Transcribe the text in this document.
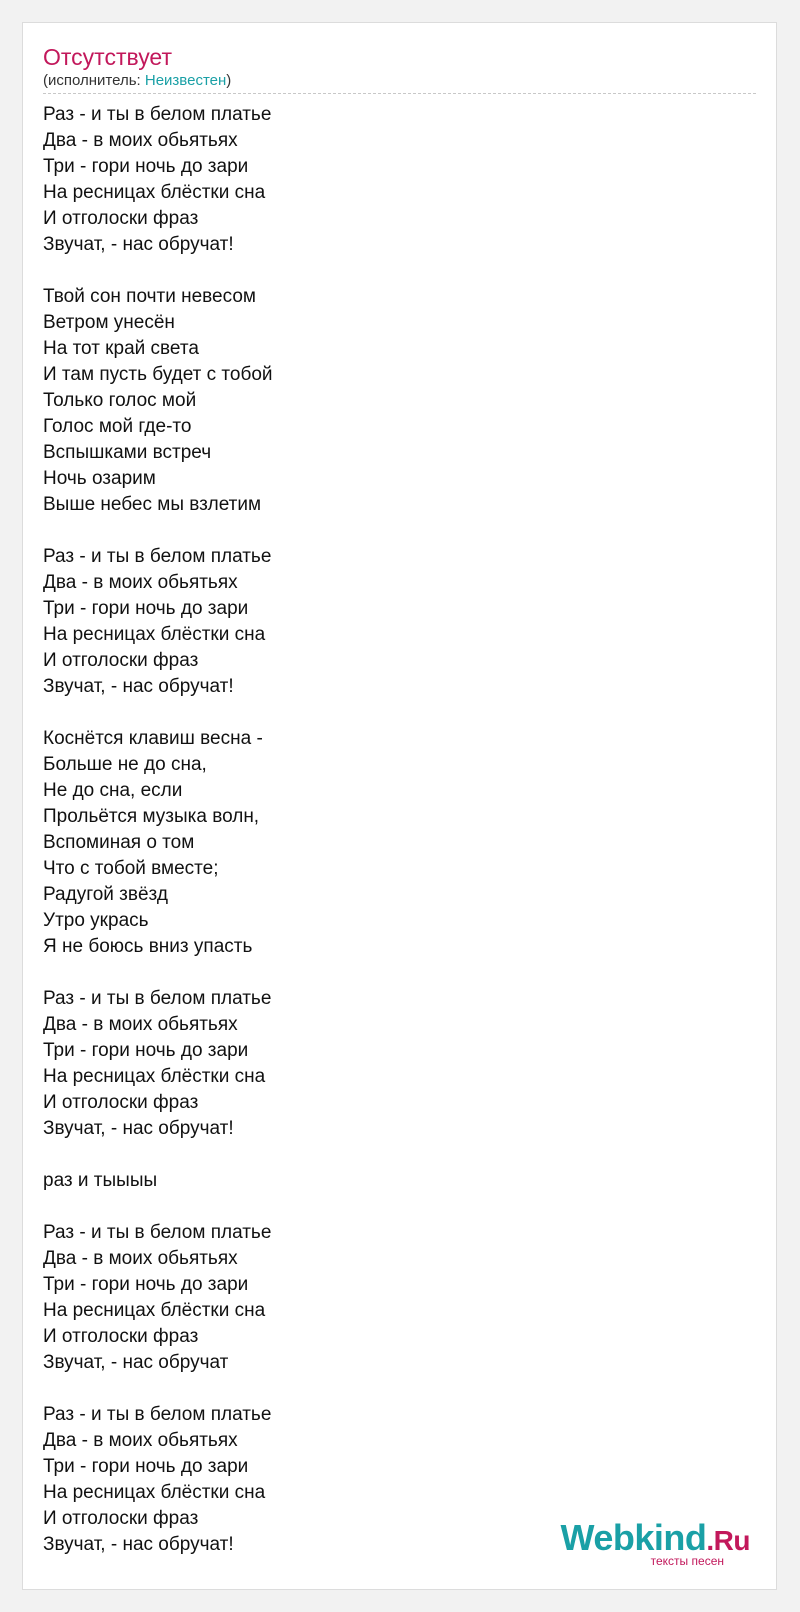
Отсутствует
(исполнитель: Неизвестен)
Раз - и ты в белом платье
Два - в моих обьятьях
Три - гори ночь до зари
На ресницах блёстки сна
И отголоски фраз
Звучат, - нас обручат!
Твой сон почти невесом
Ветром унесён
На тот край света
И там пусть будет с тобой
Только голос мой
Голос мой где-то
Вспышками встреч
Ночь озарим
Выше небес мы взлетим
Раз - и ты в белом платье
Два - в моих обьятьях
Три - гори ночь до зари
На ресницах блёстки сна
И отголоски фраз
Звучат, - нас обручат!
Коснётся клавиш весна -
Больше не до сна,
Не до сна, если
Прольётся музыка волн,
Вспоминая о том
Что с тобой вместе;
Радугой звёзд
Утро укрась
Я не боюсь вниз упасть
Раз - и ты в белом платье
Два - в моих обьятьях
Три - гори ночь до зари
На ресницах блёстки сна
И отголоски фраз
Звучат, - нас обручат!
раз и тыыыы
Раз - и ты в белом платье
Два - в моих обьятьях
Три - гори ночь до зари
На ресницах блёстки сна
И отголоски фраз
Звучат, - нас обручат
Раз - и ты в белом платье
Два - в моих обьятьях
Три - гори ночь до зари
На ресницах блёстки сна
И отголоски фраз
Звучат, - нас обручат!	Webkind.Ru
тексты песен
